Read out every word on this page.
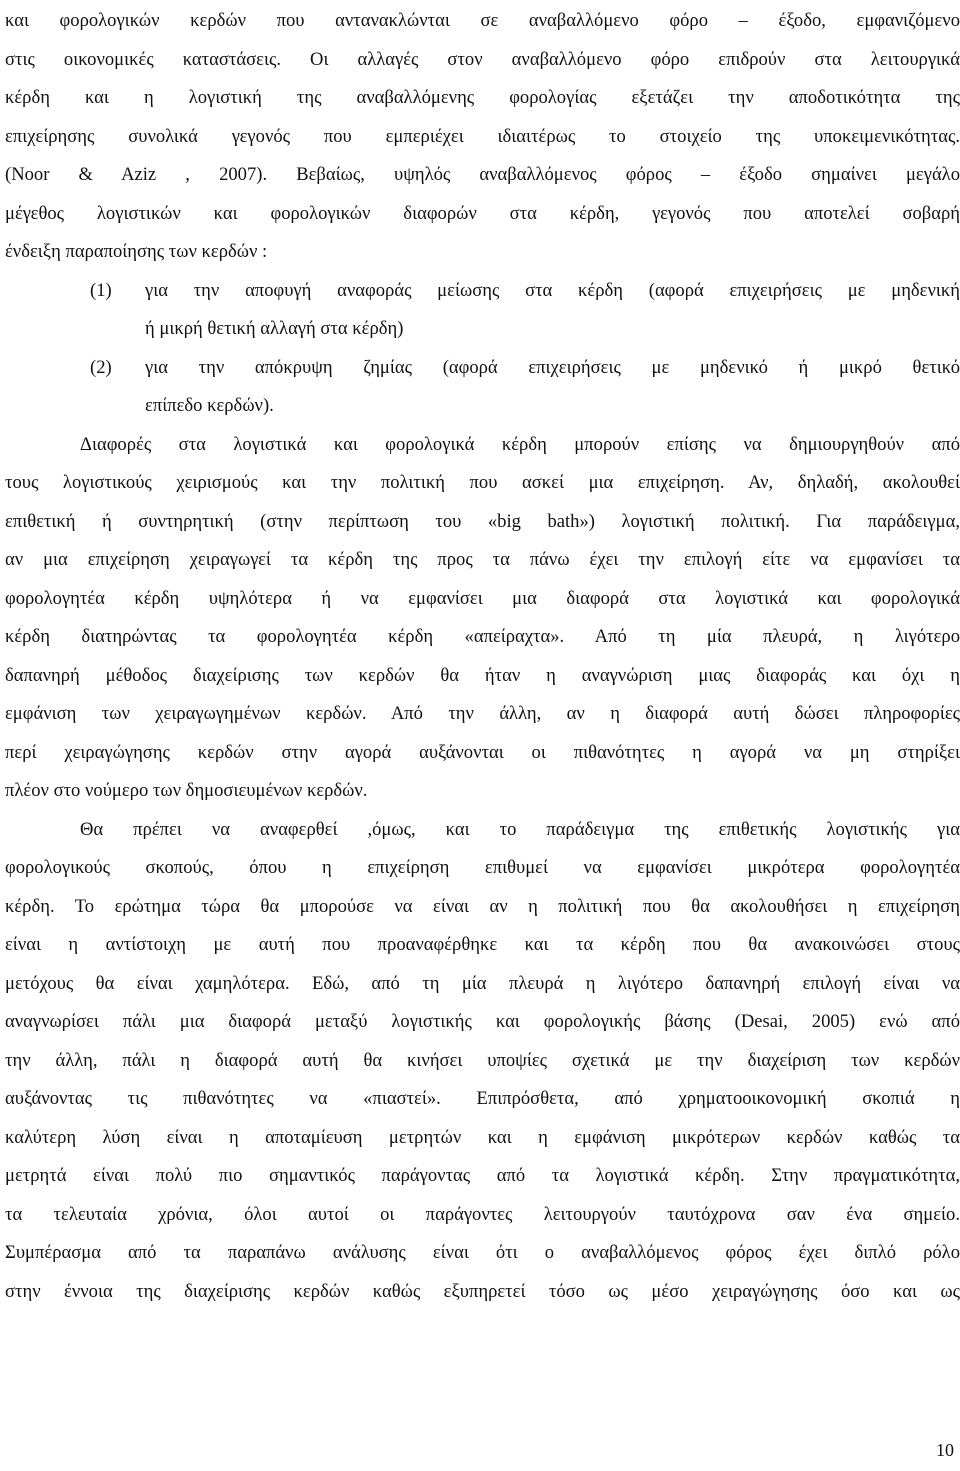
και φορολογικών κερδών που αντανακλώνται σε αναβαλλόμενο φόρο – έξοδο, εμφανιζόμενο
στις οικονομικές καταστάσεις. Οι αλλαγές στον αναβαλλόμενο φόρο επιδρούν στα λειτουργικά
κέρδη και η λογιστική της αναβαλλόμενης φορολογίας εξετάζει την αποδοτικότητα της
επιχείρησης συνολικά γεγονός που εμπεριέχει ιδιαιτέρως το στοιχείο της υποκειμενικότητας.
(Noor & Aziz , 2007). Βεβαίως, υψηλός αναβαλλόμενος φόρος – έξοδο σημαίνει μεγάλο
μέγεθος λογιστικών και φορολογικών διαφορών στα κέρδη, γεγονός που αποτελεί σοβαρή
ένδειξη παραποίησης των κερδών :
(1) για την αποφυγή αναφοράς μείωσης στα κέρδη (αφορά επιχειρήσεις με μηδενική
ή μικρή θετική αλλαγή στα κέρδη)
(2) για την απόκρυψη ζημίας (αφορά επιχειρήσεις με μηδενικό ή μικρό θετικό
επίπεδο κερδών).
Διαφορές στα λογιστικά και φορολογικά κέρδη μπορούν επίσης να δημιουργηθούν από
τους λογιστικούς χειρισμούς και την πολιτική που ασκεί μια επιχείρηση. Αν, δηλαδή, ακολουθεί
επιθετική ή συντηρητική (στην περίπτωση του «big bath») λογιστική πολιτική. Για παράδειγμα,
αν μια επιχείρηση χειραγωγεί τα κέρδη της προς τα πάνω έχει την επιλογή είτε να εμφανίσει τα
φορολογητέα κέρδη υψηλότερα ή να εμφανίσει μια διαφορά στα λογιστικά και φορολογικά
κέρδη διατηρώντας τα φορολογητέα κέρδη «απείραχτα». Από τη μία πλευρά, η λιγότερο
δαπανηρή μέθοδος διαχείρισης των κερδών θα ήταν η αναγνώριση μιας διαφοράς και όχι η
εμφάνιση των χειραγωγημένων κερδών. Από την άλλη, αν η διαφορά αυτή δώσει πληροφορίες
περί χειραγώγησης κερδών στην αγορά αυξάνονται οι πιθανότητες η αγορά να μη στηρίξει
πλέον στο νούμερο των δημοσιευμένων κερδών.
Θα πρέπει να αναφερθεί ,όμως, και το παράδειγμα της επιθετικής λογιστικής για
φορολογικούς σκοπούς, όπου η επιχείρηση επιθυμεί να εμφανίσει μικρότερα φορολογητέα
κέρδη. Το ερώτημα τώρα θα μπορούσε να είναι αν η πολιτική που θα ακολουθήσει η επιχείρηση
είναι η αντίστοιχη με αυτή που προαναφέρθηκε και τα κέρδη που θα ανακοινώσει στους
μετόχους θα είναι χαμηλότερα. Εδώ, από τη μία πλευρά η λιγότερο δαπανηρή επιλογή είναι να
αναγνωρίσει πάλι μια διαφορά μεταξύ λογιστικής και φορολογικής βάσης (Desai, 2005) ενώ από
την άλλη, πάλι η διαφορά αυτή θα κινήσει υποψίες σχετικά με την διαχείριση των κερδών
αυξάνοντας τις πιθανότητες να «πιαστεί». Επιπρόσθετα, από χρηματοοικονομική σκοπιά η
καλύτερη λύση είναι η αποταμίευση μετρητών και η εμφάνιση μικρότερων κερδών καθώς τα
μετρητά είναι πολύ πιο σημαντικός παράγοντας από τα λογιστικά κέρδη. Στην πραγματικότητα,
τα τελευταία χρόνια, όλοι αυτοί οι παράγοντες λειτουργούν ταυτόχρονα σαν ένα σημείο.
Συμπέρασμα από τα παραπάνω ανάλυσης είναι ότι ο αναβαλλόμενος φόρος έχει διπλό ρόλο
στην έννοια της διαχείρισης κερδών καθώς εξυπηρετεί τόσο ως μέσο χειραγώγησης όσο και ως
10
